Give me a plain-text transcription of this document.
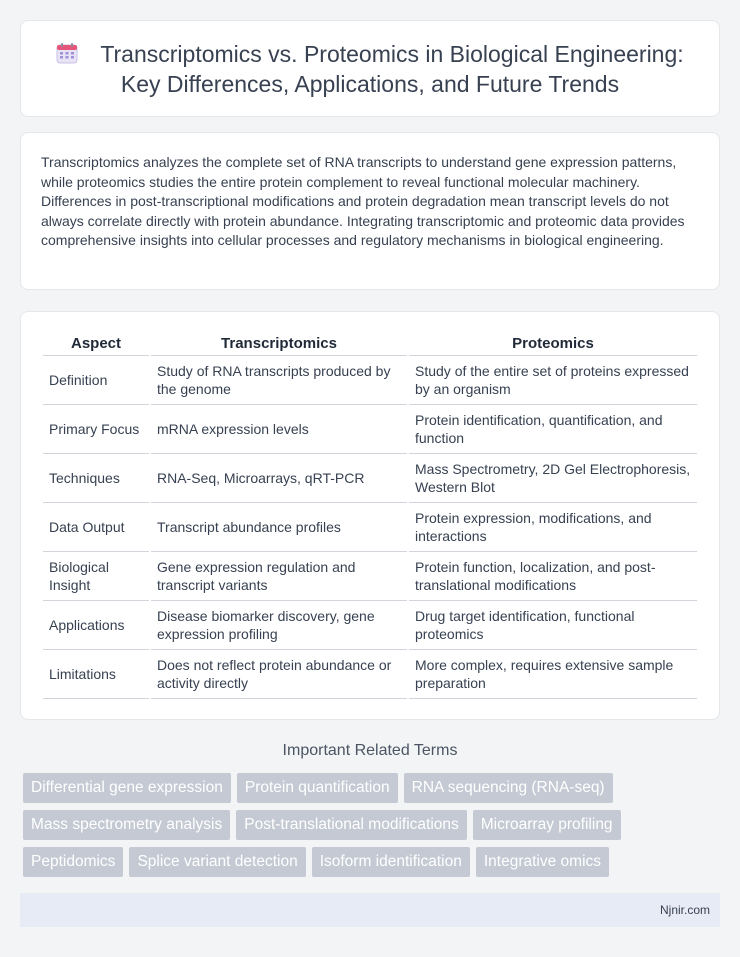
Transcriptomics vs. Proteomics in Biological Engineering: Key Differences, Applications, and Future Trends

Transcriptomics analyzes the complete set of RNA transcripts to understand gene expression patterns, while proteomics studies the entire protein complement to reveal functional molecular machinery. Differences in post-transcriptional modifications and protein degradation mean transcript levels do not always correlate directly with protein abundance. Integrating transcriptomic and proteomic data provides comprehensive insights into cellular processes and regulatory mechanisms in biological engineering.

Aspect	Transcriptomics	Proteomics
Definition	Study of RNA transcripts produced by the genome	Study of the entire set of proteins expressed by an organism
Primary Focus	mRNA expression levels	Protein identification, quantification, and function
Techniques	RNA-Seq, Microarrays, qRT-PCR	Mass Spectrometry, 2D Gel Electrophoresis, Western Blot
Data Output	Transcript abundance profiles	Protein expression, modifications, and interactions
Biological Insight	Gene expression regulation and transcript variants	Protein function, localization, and post-translational modifications
Applications	Disease biomarker discovery, gene expression profiling	Drug target identification, functional proteomics
Limitations	Does not reflect protein abundance or activity directly	More complex, requires extensive sample preparation
Important Related Terms
Differential gene expression	Protein quantification	RNA sequencing (RNA-seq)
Mass spectrometry analysis	Post-translational modifications	Microarray profiling
Peptidomics	Splice variant detection	Isoform identification	Integrative omics
Njnir.com
